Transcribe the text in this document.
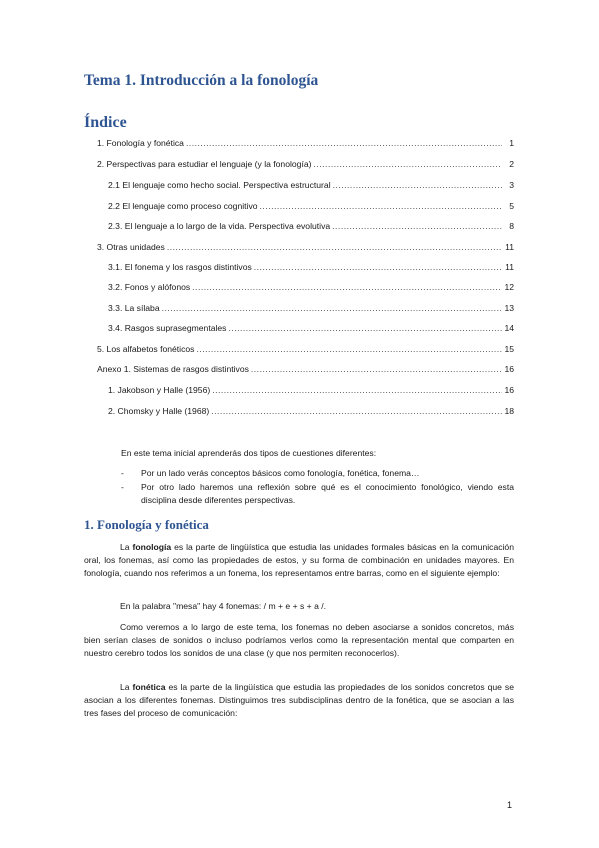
Tema 1. Introducción a la fonología
Índice
1. Fonología y fonética .....	1
2. Perspectivas para estudiar el lenguaje (y la fonología) .....	2
2.1 El lenguaje como hecho social. Perspectiva estructural .....	3
2.2 El lenguaje como proceso cognitivo .....	5
2.3. El lenguaje a lo largo de la vida. Perspectiva evolutiva .....	8
3. Otras unidades .....	11
3.1. El fonema y los rasgos distintivos .....	11
3.2. Fonos y alófonos .....	12
3.3. La sílaba .....	13
3.4. Rasgos suprasegmentales .....	14
5. Los alfabetos fonéticos .....	15
Anexo 1. Sistemas de rasgos distintivos .....	16
1. Jakobson y Halle (1956) .....	16
2. Chomsky y Halle (1968) .....	18

En este tema inicial aprenderás dos tipos de cuestiones diferentes:

- Por un lado verás conceptos básicos como fonología, fonética, fonema…

- Por otro lado haremos una reflexión sobre qué es el conocimiento fonológico, viendo esta disciplina desde diferentes perspectivas.

1. Fonología y fonética

La fonología es la parte de lingüística que estudia las unidades formales básicas en la comunicación oral, los fonemas, así como las propiedades de estos, y su forma de combinación en unidades mayores. En fonología, cuando nos referimos a un fonema, los representamos entre barras, como en el siguiente ejemplo:

En la palabra "mesa" hay 4 fonemas: / m + e + s + a /.

Como veremos a lo largo de este tema, los fonemas no deben asociarse a sonidos concretos, más bien serían clases de sonidos o incluso podríamos verlos como la representación mental que comparten en nuestro cerebro todos los sonidos de una clase (y que nos permiten reconocerlos).

La fonética es la parte de la lingüística que estudia las propiedades de los sonidos concretos que se asocian a los diferentes fonemas. Distinguimos tres subdisciplinas dentro de la fonética, que se asocian a las tres fases del proceso de comunicación:

1
